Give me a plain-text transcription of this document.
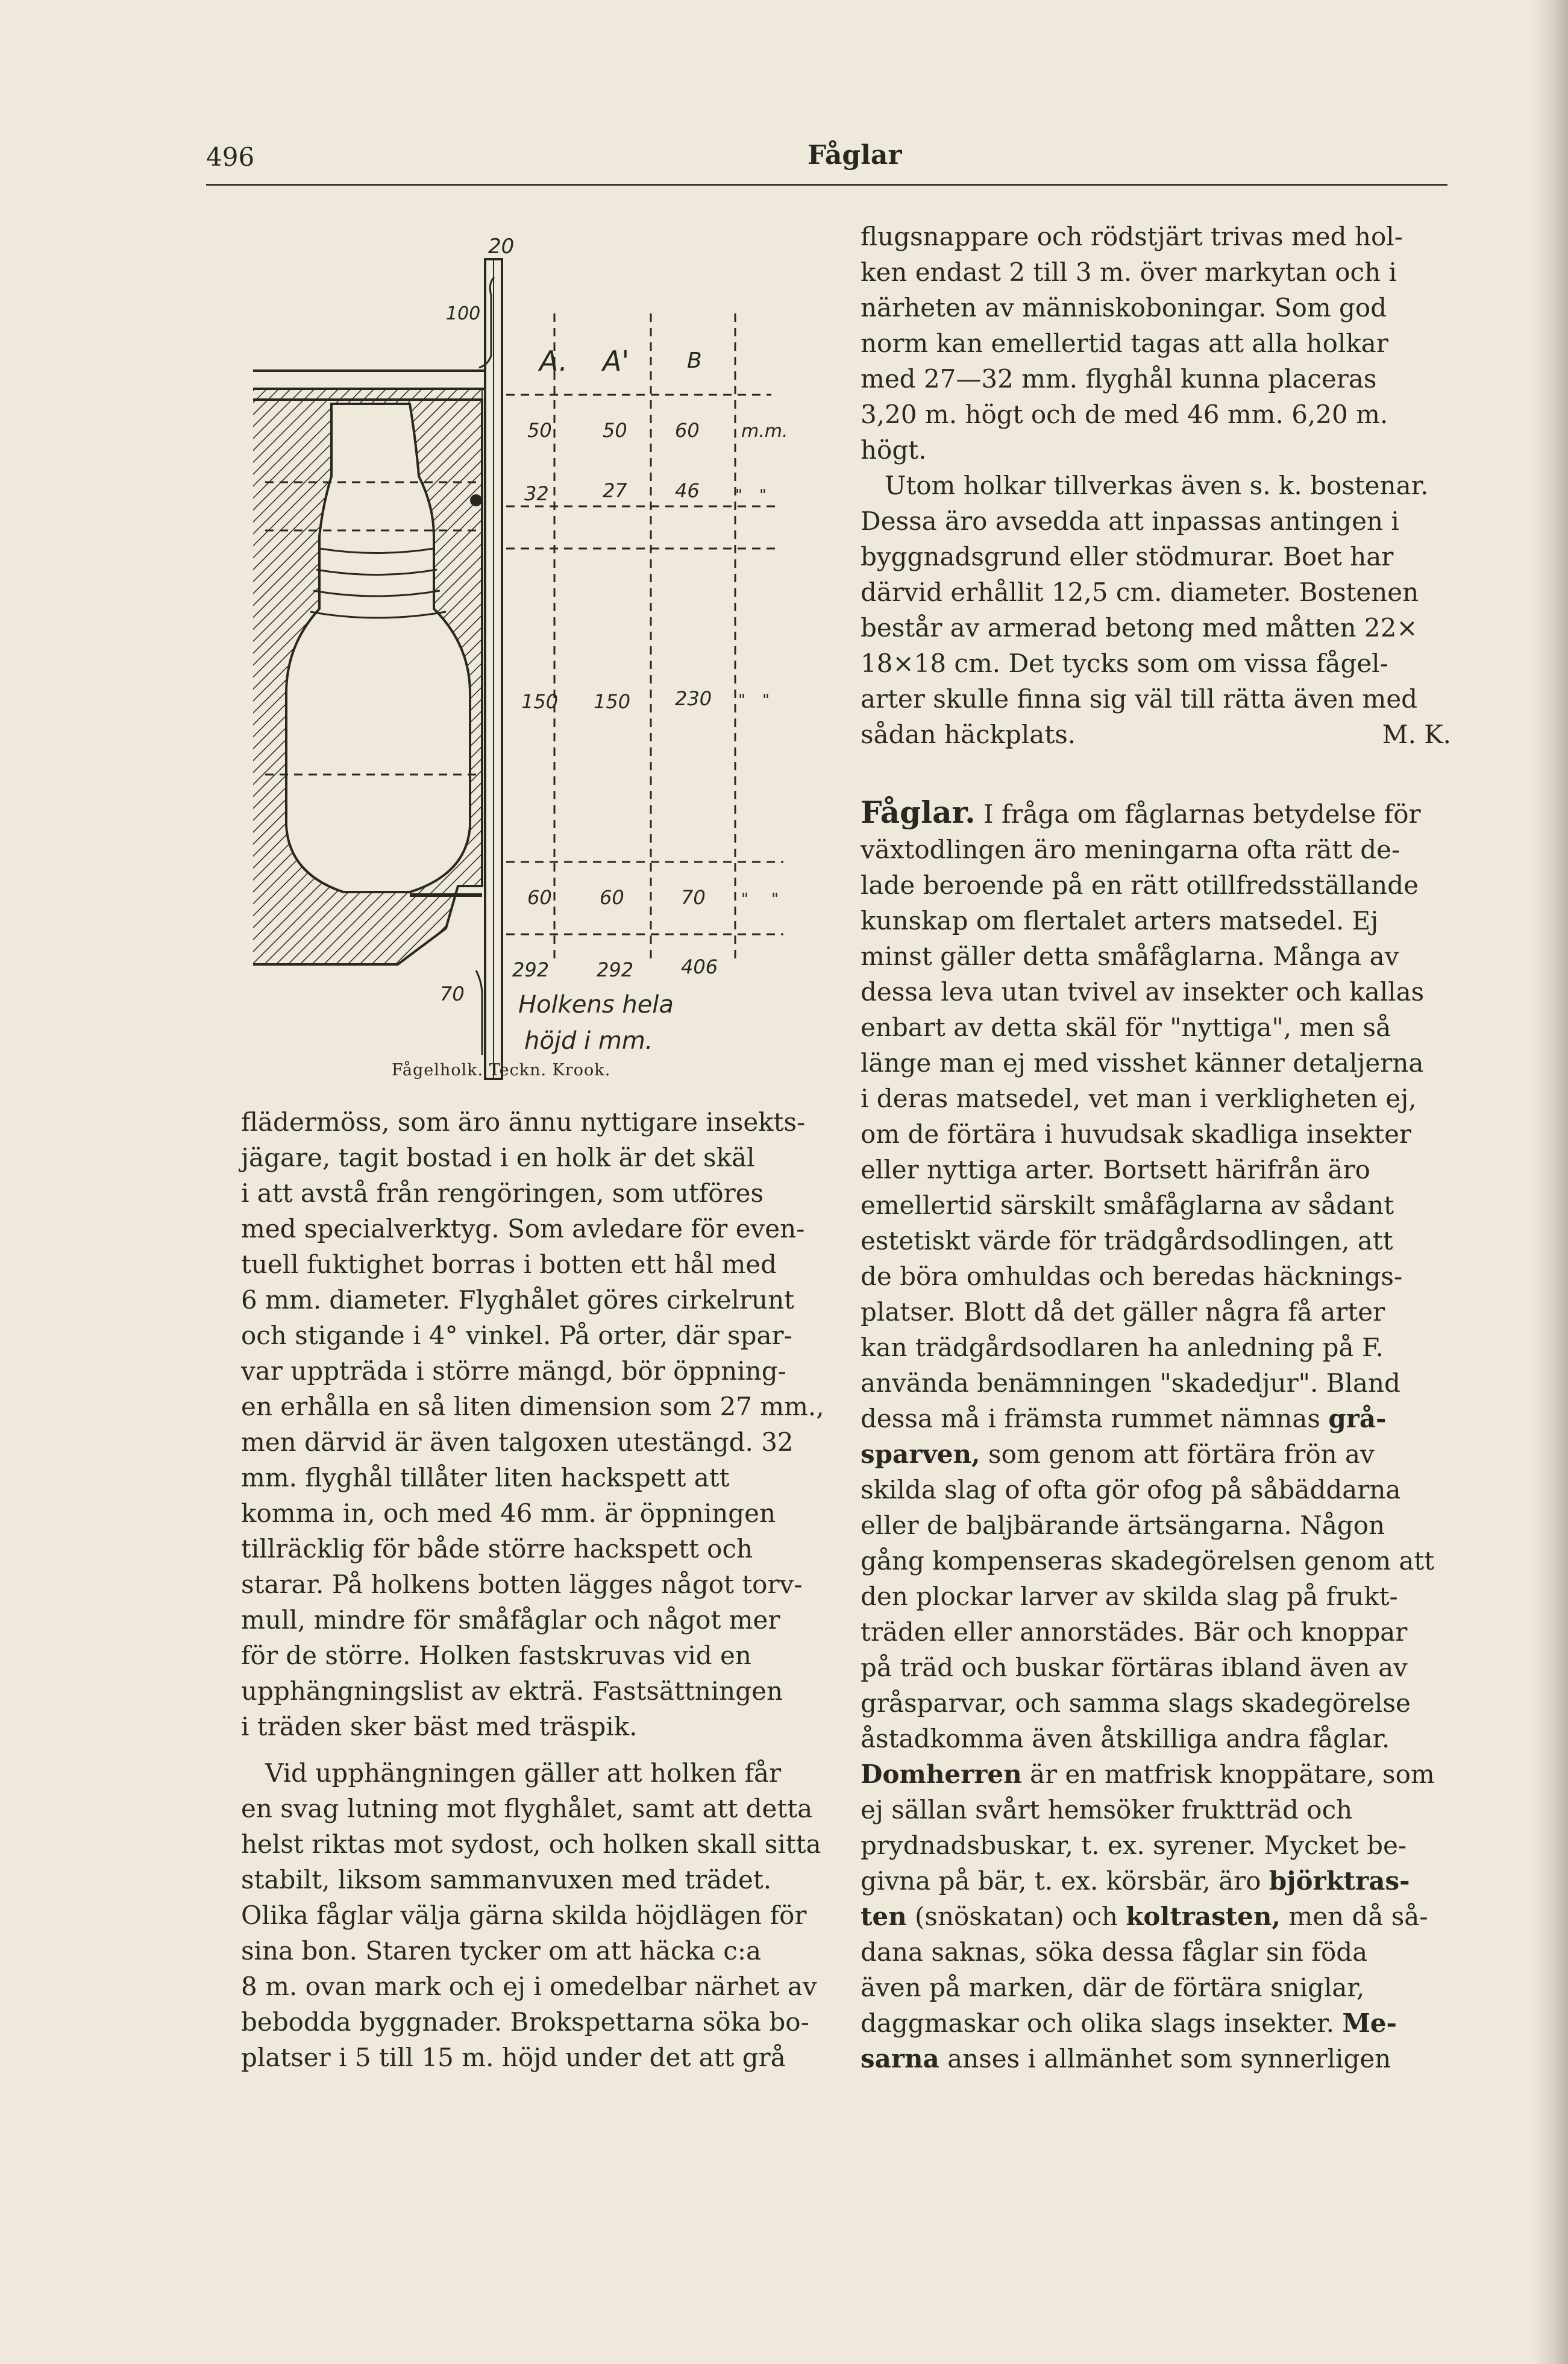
496	Fåglar
20
100
70
A. A'	B
50	50 60 m.m.
32	27 46 " "
150 150 230 " "
60 60	70 " "
292 292 406
Holkens hela
höjd i mm.
Fågelholk. Teckn. Krook.
flugsnappare och rödstjärt trivas med hol-
ken endast 2 till 3 m. över markytan och i
närheten av människoboningar. Som god
norm kan emellertid tagas att alla holkar
med 27—32 mm. flyghål kunna placeras
3,20 m. högt och de med 46 mm. 6,20 m.
högt.
Utom holkar tillverkas även s. k. bostenar.
Dessa äro avsedda att inpassas antingen i
byggnadsgrund eller stödmurar. Boet har
därvid erhållit 12,5 cm. diameter. Bostenen
består av armerad betong med måtten 22×
18×18 cm. Det tycks som om vissa fågel-
arter skulle finna sig väl till rätta även med
sådan häckplats.	M. K.
Fåglar. I fråga om fåglarnas betydelse för
växtodlingen äro meningarna ofta rätt de-
lade beroende på en rätt otillfredsställande
kunskap om flertalet arters matsedel. Ej
minst gäller detta småfåglarna. Många av
dessa leva utan tvivel av insekter och kallas
enbart av detta skäl för "nyttiga", men så
länge man ej med visshet känner detaljerna
i deras matsedel, vet man i verkligheten ej,
om de förtära i huvudsak skadliga insekter
eller nyttiga arter. Bortsett härifrån äro
emellertid särskilt småfåglarna av sådant
estetiskt värde för trädgårdsodlingen, att
de böra omhuldas och beredas häcknings-
platser. Blott då det gäller några få arter
kan trädgårdsodlaren ha anledning på F.
använda benämningen "skadedjur". Bland
dessa må i främsta rummet nämnas grå-
sparven, som genom att förtära frön av
skilda slag of ofta gör ofog på såbäddarna
eller de baljbärande ärtsängarna. Någon
gång kompenseras skadegörelsen genom att
den plockar larver av skilda slag på frukt-
träden eller annorstädes. Bär och knoppar
på träd och buskar förtäras ibland även av
gråsparvar, och samma slags skadegörelse
åstadkomma även åtskilliga andra fåglar.
Domherren är en matfrisk knoppätare, som
ej sällan svårt hemsöker fruktträd och
prydnadsbuskar, t. ex. syrener. Mycket be-
givna på bär, t. ex. körsbär, äro björktras-
ten (snöskatan) och koltrasten, men då så-
dana saknas, söka dessa fåglar sin föda
även på marken, där de förtära sniglar,
daggmaskar och olika slags insekter. Me-
sarna anses i allmänhet som synnerligen
flädermöss, som äro ännu nyttigare insekts-
jägare, tagit bostad i en holk är det skäl
i att avstå från rengöringen, som utföres
med specialverktyg. Som avledare för even-
tuell fuktighet borras i botten ett hål med
6 mm. diameter. Flyghålet göres cirkelrunt
och stigande i 4° vinkel. På orter, där spar-
var uppträda i större mängd, bör öppning-
en erhålla en så liten dimension som 27 mm.,
men därvid är även talgoxen utestängd. 32
mm. flyghål tillåter liten hackspett att
komma in, och med 46 mm. är öppningen
tillräcklig för både större hackspett och
starar. På holkens botten lägges något torv-
mull, mindre för småfåglar och något mer
för de större. Holken fastskruvas vid en
upphängningslist av ekträ. Fastsättningen
i träden sker bäst med träspik.
Vid upphängningen gäller att holken får
en svag lutning mot flyghålet, samt att detta
helst riktas mot sydost, och holken skall sitta
stabilt, liksom sammanvuxen med trädet.
Olika fåglar välja gärna skilda höjdlägen för
sina bon. Staren tycker om att häcka c:a
8 m. ovan mark och ej i omedelbar närhet av
bebodda byggnader. Brokspettarna söka bo-
platser i 5 till 15 m. höjd under det att grå
